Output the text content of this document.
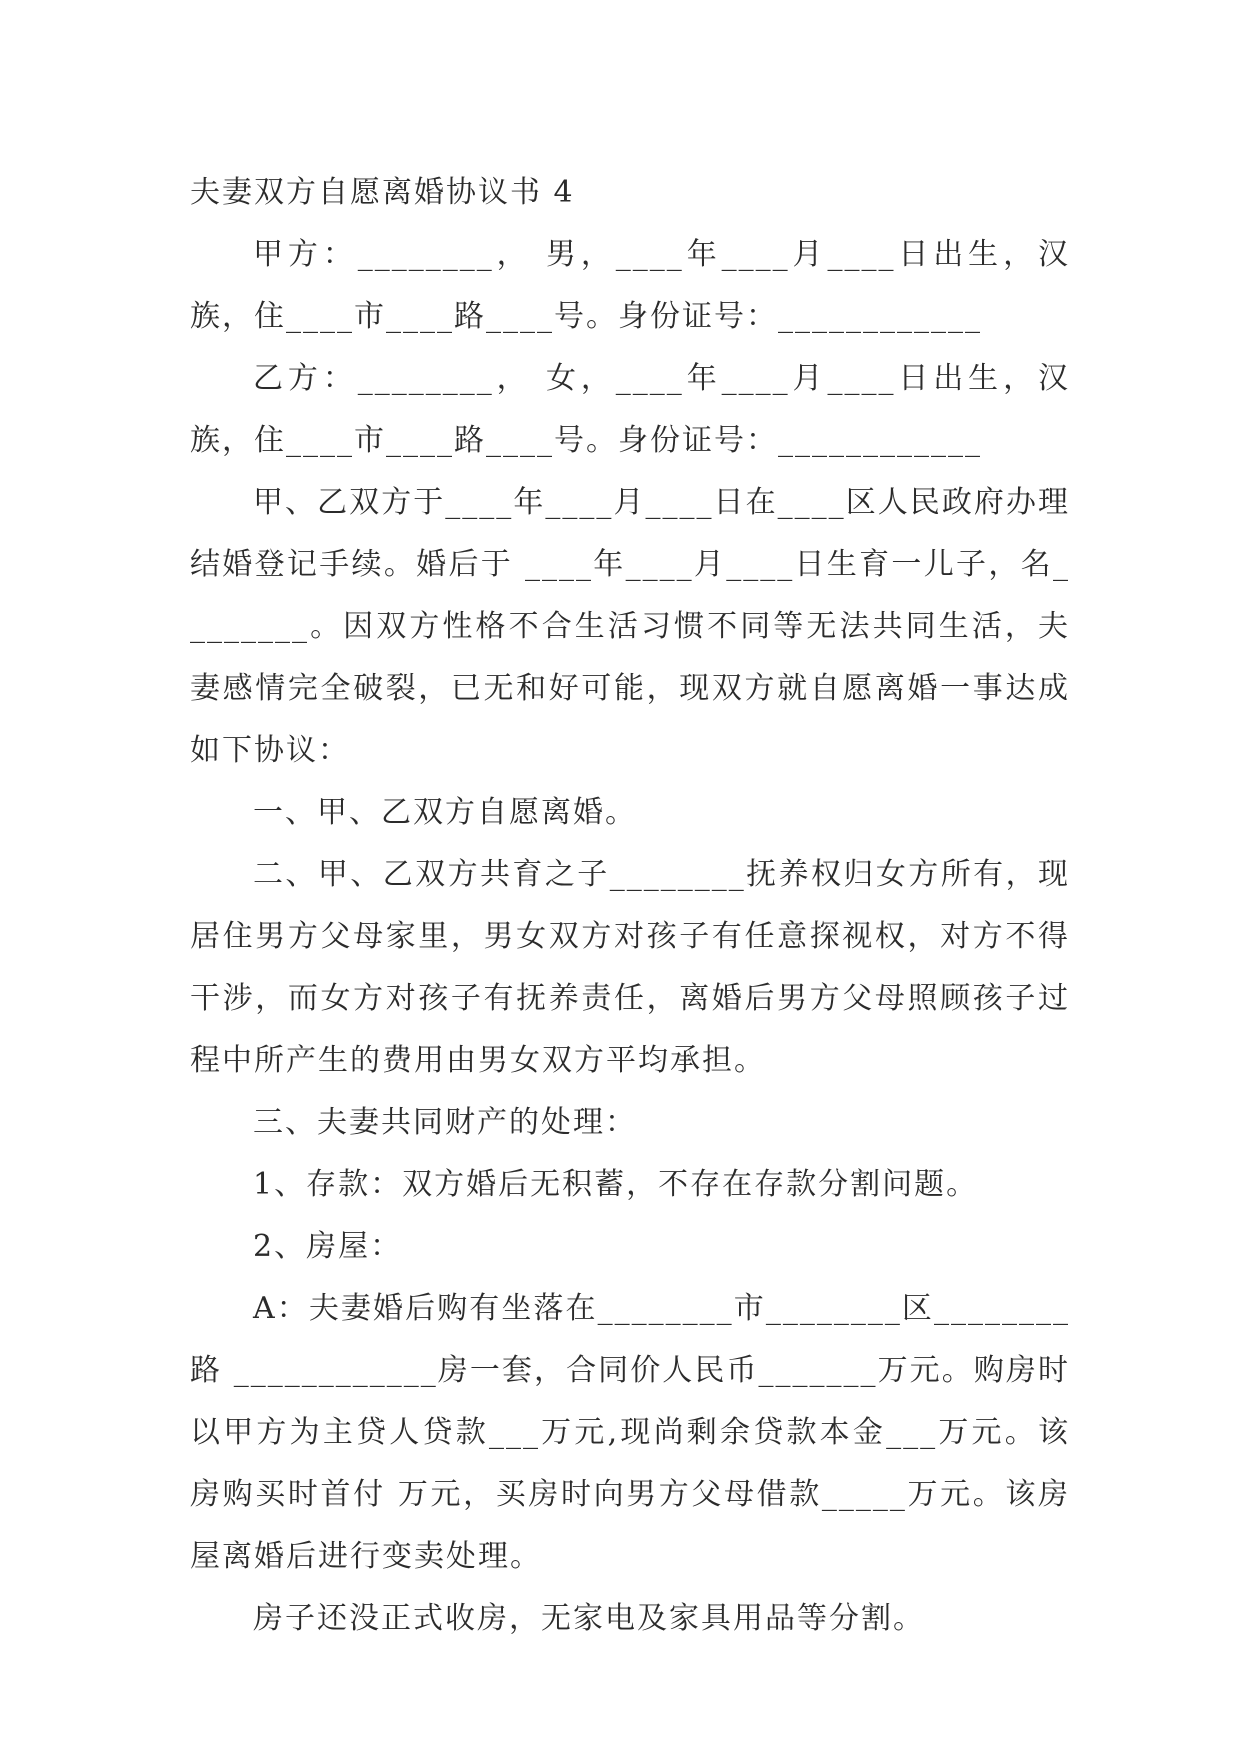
夫妻双方自愿离婚协议书 4

甲方：________， 男，____年____月____日出生，汉族，住____市____路____号。身份证号：____________

乙方：________， 女，____年____月____日出生，汉族，住____市____路____号。身份证号：____________

甲、乙双方于____年____月____日在____区人民政府办理结婚登记手续。婚后于 ____年____月____日生育一儿子，名________。因双方性格不合生活习惯不同等无法共同生活，夫妻感情完全破裂，已无和好可能，现双方就自愿离婚一事达成如下协议：

一、甲、乙双方自愿离婚。

二、甲、乙双方共育之子________抚养权归女方所有，现居住男方父母家里，男女双方对孩子有任意探视权，对方不得干涉，而女方对孩子有抚养责任，离婚后男方父母照顾孩子过程中所产生的费用由男女双方平均承担。

三、夫妻共同财产的处理：

1、存款：双方婚后无积蓄，不存在存款分割问题。

2、房屋：

A：夫妻婚后购有坐落在________市________区________路 ____________房一套，合同价人民币_______万元。购房时以甲方为主贷人贷款___万元,现尚剩余贷款本金___万元。该房购买时首付 万元，买房时向男方父母借款_____万元。该房屋离婚后进行变卖处理。

房子还没正式收房，无家电及家具用品等分割。
